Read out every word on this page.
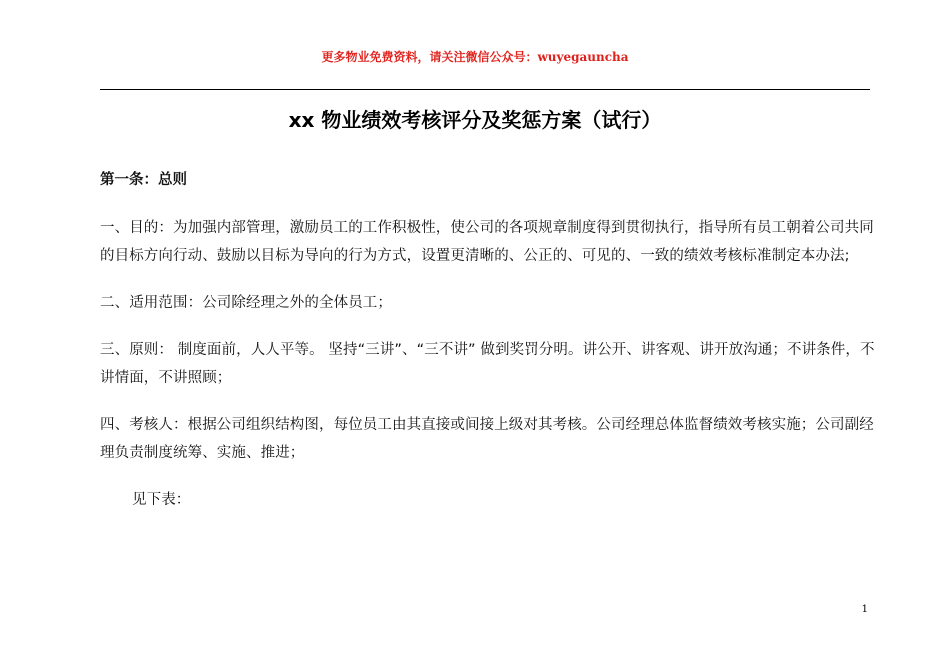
更多物业免费资料，请关注微信公众号：wuyegauncha
xx 物业绩效考核评分及奖惩方案（试行）
第一条：总则

一、目的：为加强内部管理，激励员工的工作积极性，使公司的各项规章制度得到贯彻执行，指导所有员工朝着公司共同的目标方向行动、鼓励以目标为导向的行为方式，设置更清晰的、公正的、可见的、一致的绩效考核标准制定本办法;

二、适用范围：公司除经理之外的全体员工；

三、原则： 制度面前，人人平等。 坚持“三讲”、“三不讲” 做到奖罚分明。讲公开、讲客观、讲开放沟通；不讲条件，不讲情面，不讲照顾；

四、考核人：根据公司组织结构图，每位员工由其直接或间接上级对其考核。公司经理总体监督绩效考核实施；公司副经理负责制度统筹、实施、推进；

见下表：

1
